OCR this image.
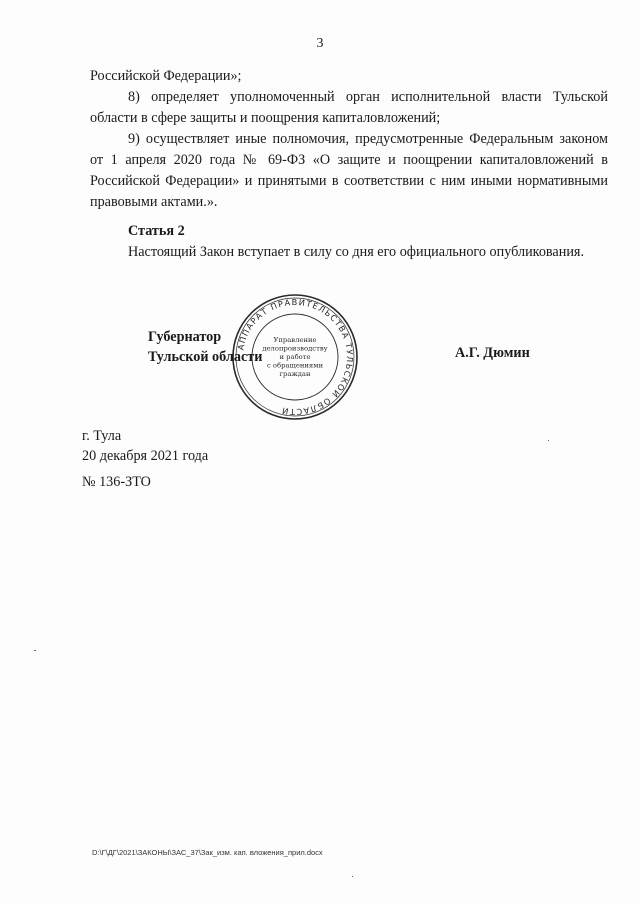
3

Российской Федерации»;

8) определяет уполномоченный орган исполнительной власти Тульской области в сфере защиты и поощрения капиталовложений;

9) осуществляет иные полномочия, предусмотренные Федеральным законом от 1 апреля 2020 года № 69-ФЗ «О защите и поощрении капиталовложений в Российской Федерации» и принятыми в соответствии с ним иными нормативными правовыми актами.».

Статья 2

Настоящий Закон вступает в силу со дня его официального опубликования.

АППАРАТ ПРАВИТЕЛЬСТВА ТУЛЬСКОЙ ОБЛАСТИ
Управление
делопроизводству
и работе
с обращениями
граждан
Губернатор
Тульской области	А.Г. Дюмин
г. Тула
20 декабря 2021 года
№ 136-ЗТО
D:\Г\ДГ\2021\ЗАКОНЫ\ЗАС_37\Зак_изм. кап. вложения_прил.docx
